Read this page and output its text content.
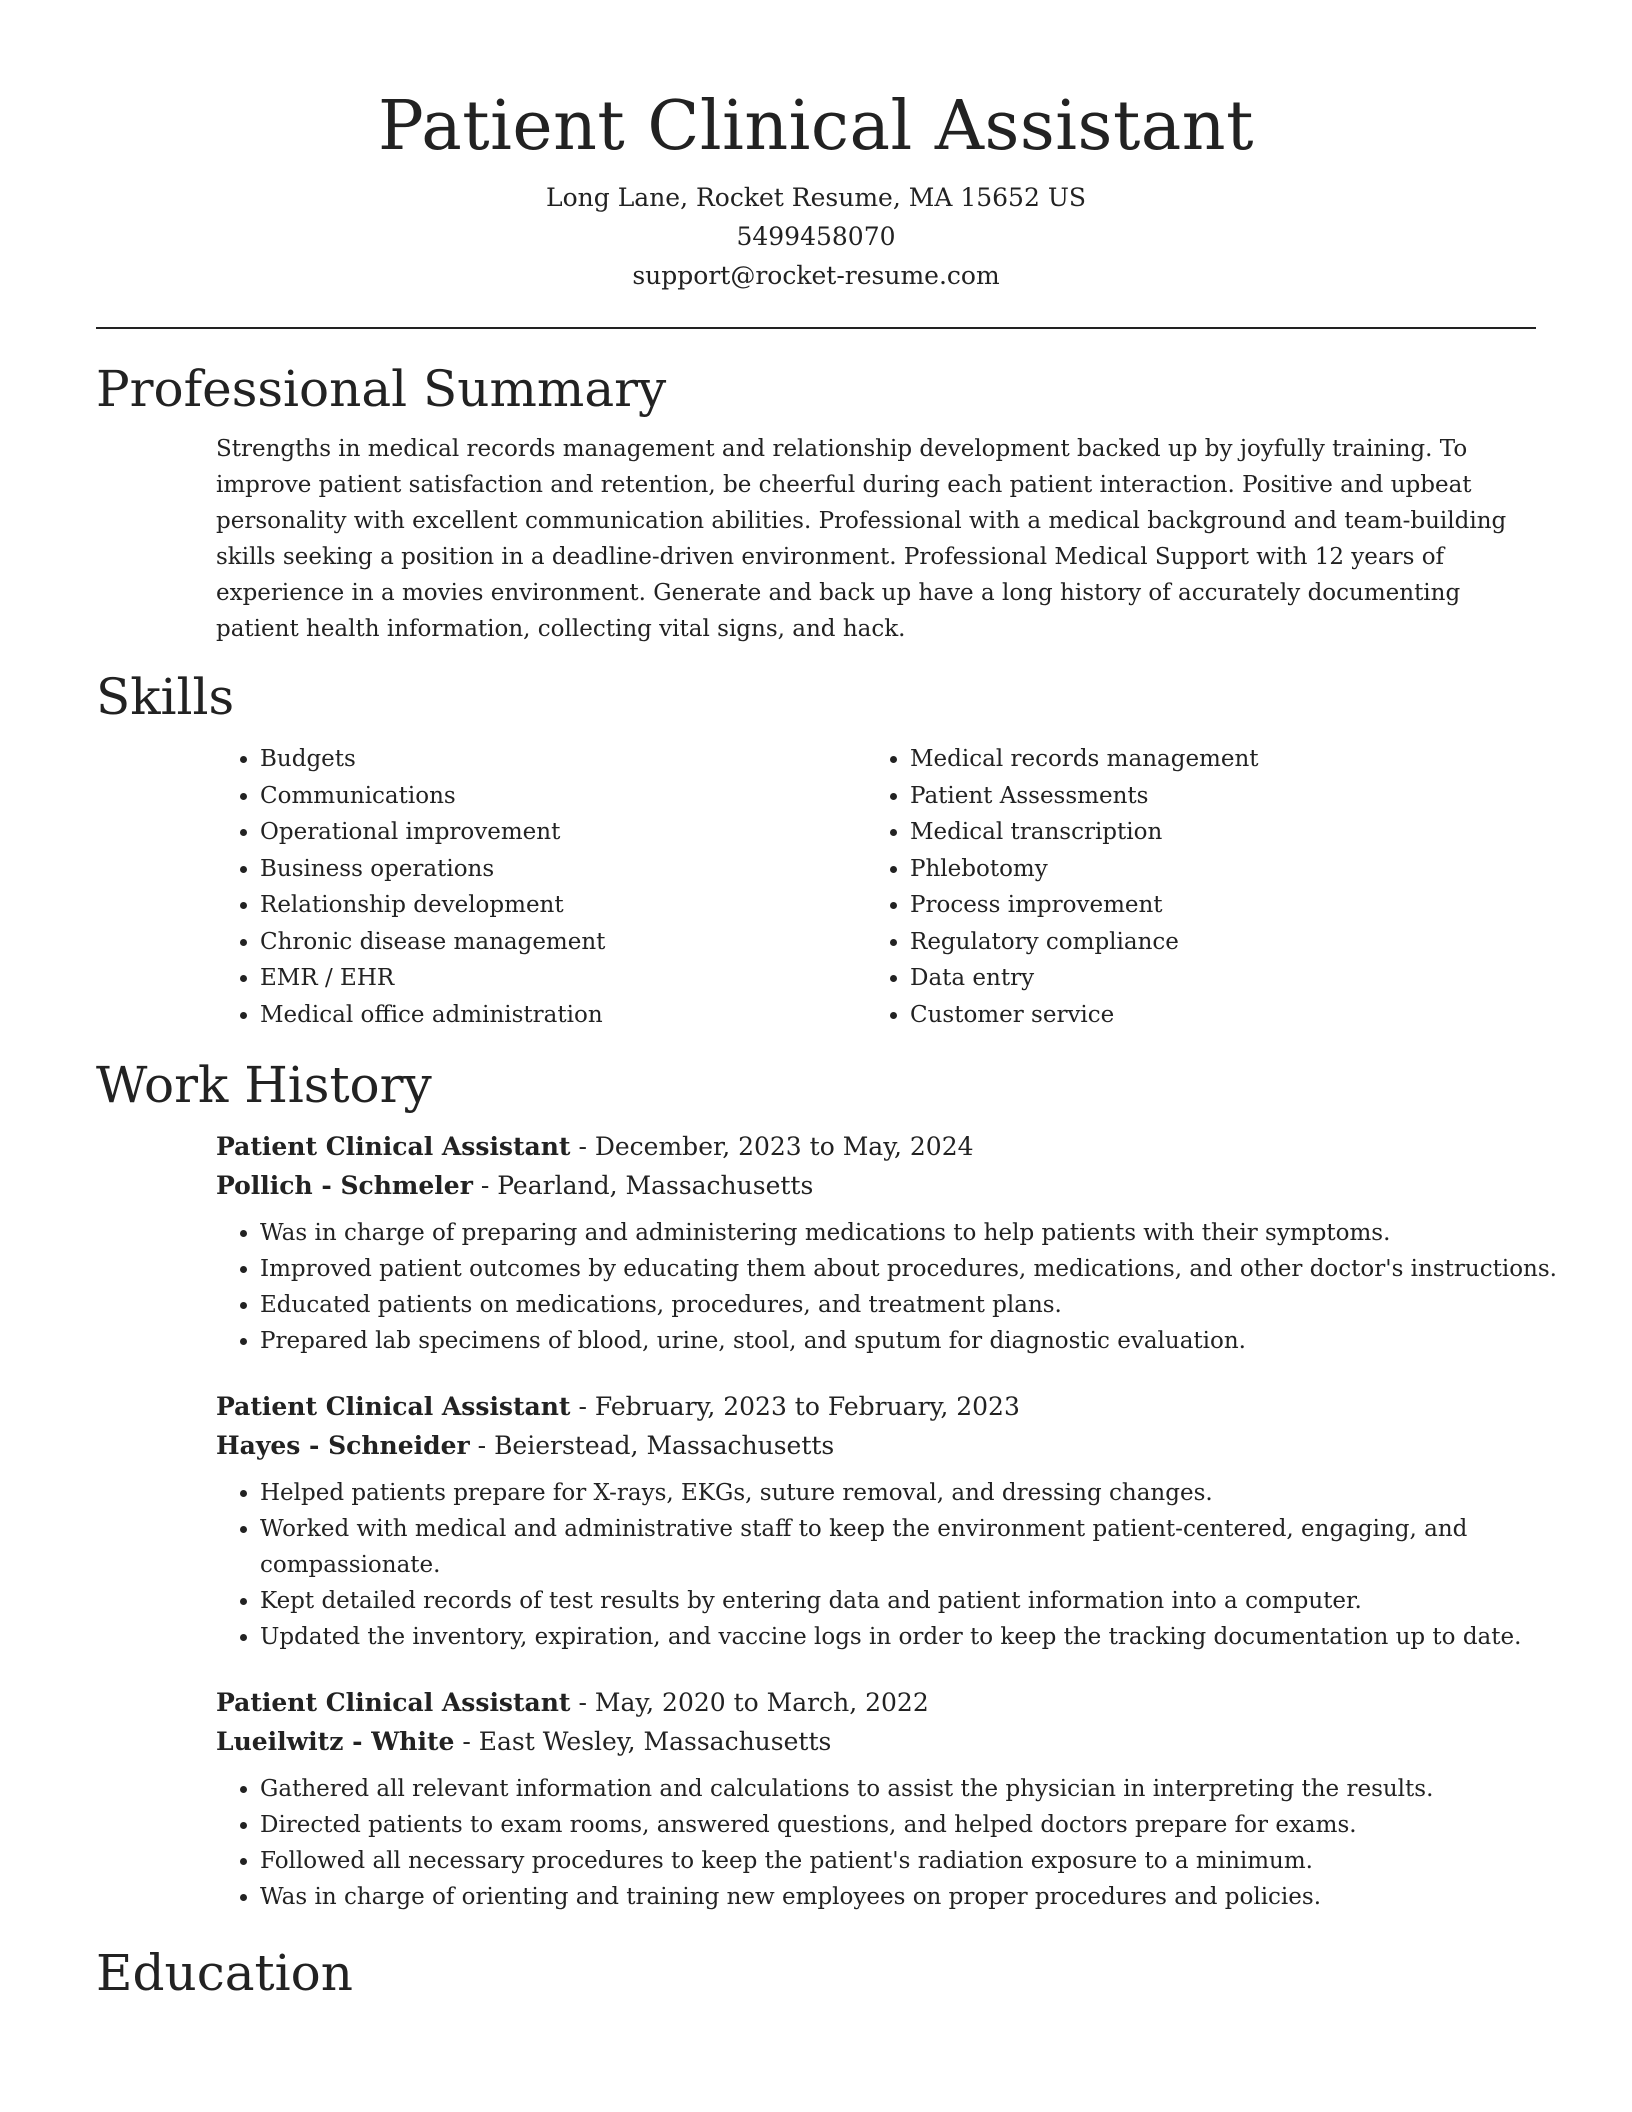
Patient Clinical Assistant
Long Lane, Rocket Resume, MA 15652 US
5499458070
support@rocket-resume.com
Professional Summary

Strengths in medical records management and relationship development backed up by joyfully training. To improve patient satisfaction and retention, be cheerful during each patient interaction. Positive and upbeat personality with excellent communication abilities. Professional with a medical background and team-building skills seeking a position in a deadline-driven environment. Professional Medical Support with 12 years of experience in a movies environment. Generate and back up have a long history of accurately documenting patient health information, collecting vital signs, and hack.

Skills
• Budgets
• Communications
• Operational improvement
• Business operations
• Relationship development
• Chronic disease management
• EMR / EHR
• Medical office administration
• Medical records management
• Patient Assessments
• Medical transcription
• Phlebotomy
• Process improvement
• Regulatory compliance
• Data entry
• Customer service
Work History
Patient Clinical Assistant - December, 2023 to May, 2024
Pollich - Schmeler - Pearland, Massachusetts
• Was in charge of preparing and administering medications to help patients with their symptoms.
• Improved patient outcomes by educating them about procedures, medications, and other doctor's instructions.
• Educated patients on medications, procedures, and treatment plans.
• Prepared lab specimens of blood, urine, stool, and sputum for diagnostic evaluation.
Patient Clinical Assistant - February, 2023 to February, 2023
Hayes - Schneider - Beierstead, Massachusetts
• Helped patients prepare for X-rays, EKGs, suture removal, and dressing changes.
• Worked with medical and administrative staff to keep the environment patient-centered, engaging, and compassionate.
• Kept detailed records of test results by entering data and patient information into a computer.
• Updated the inventory, expiration, and vaccine logs in order to keep the tracking documentation up to date.
Patient Clinical Assistant - May, 2020 to March, 2022
Lueilwitz - White - East Wesley, Massachusetts
• Gathered all relevant information and calculations to assist the physician in interpreting the results.
• Directed patients to exam rooms, answered questions, and helped doctors prepare for exams.
• Followed all necessary procedures to keep the patient's radiation exposure to a minimum.
• Was in charge of orienting and training new employees on proper procedures and policies.
Education
